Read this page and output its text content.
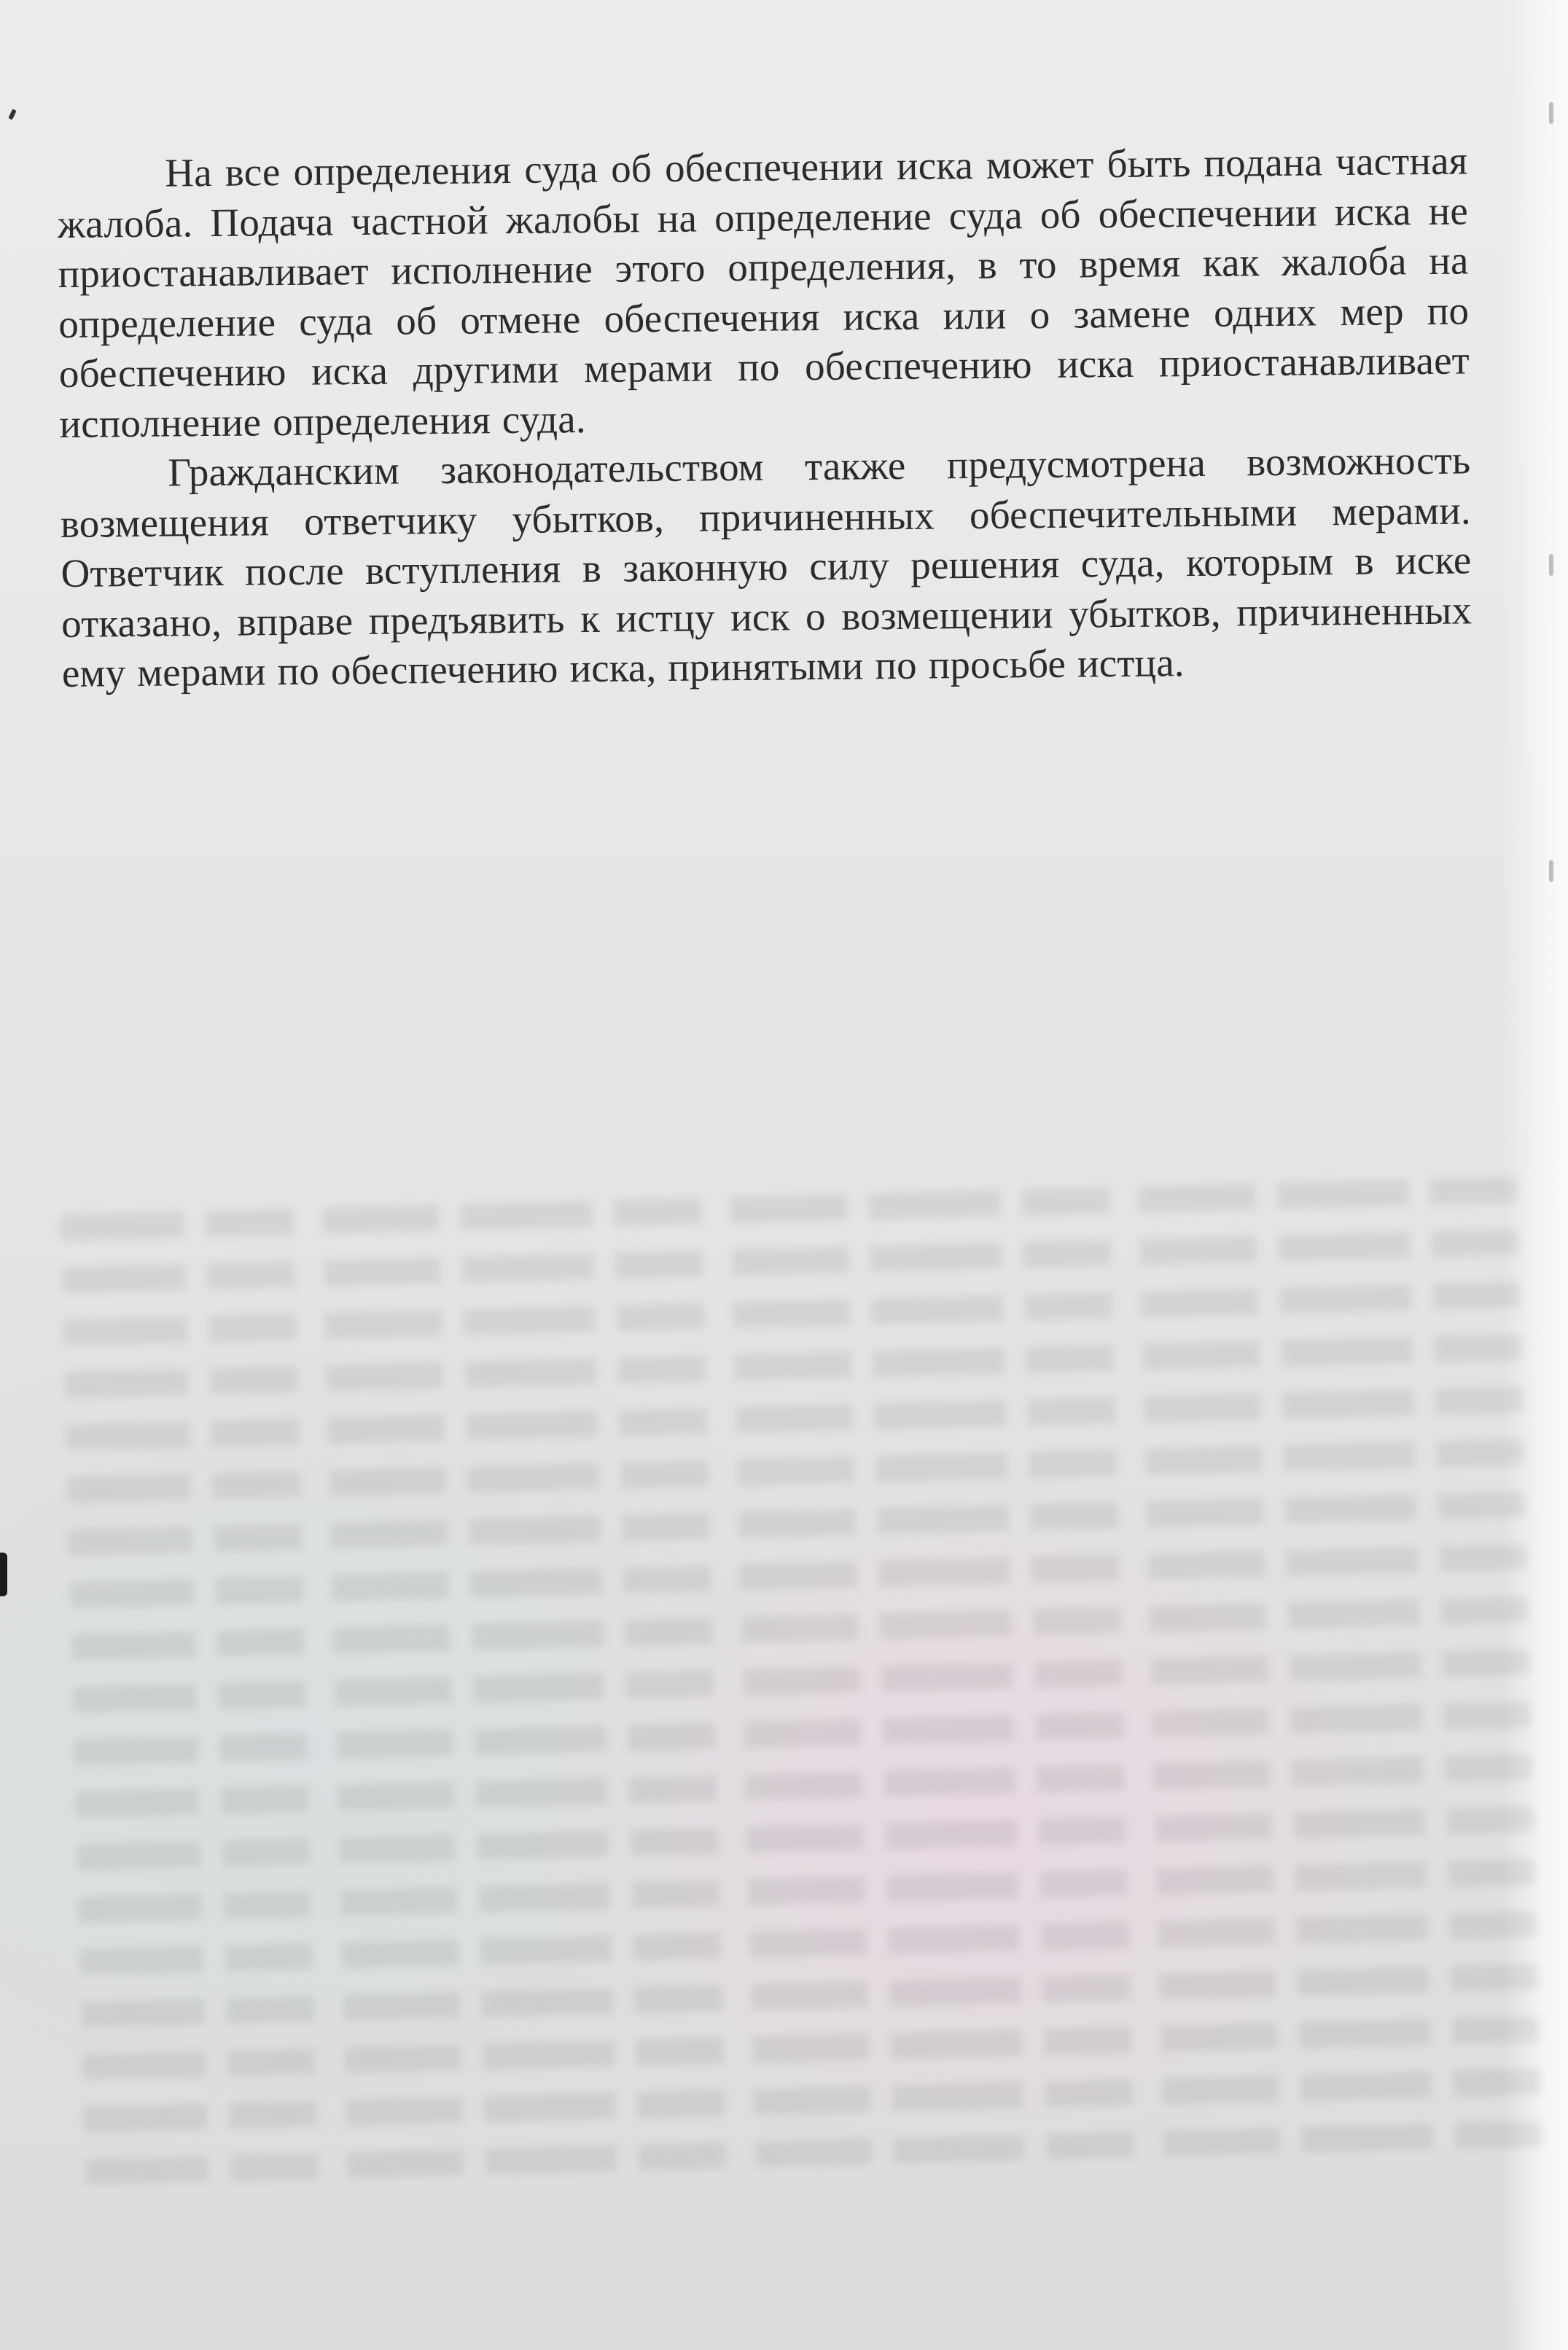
На все определения суда об обеспечении иска может быть подана частная жалоба. Подача частной жалобы на определение суда об обеспечении иска не приостанавливает исполнение этого определения, в то время как жалоба на определение суда об отмене обеспечения иска или о замене одних мер по обеспечению иска другими мерами по обеспечению иска приостанавливает исполнение определения суда.

Гражданским законодательством также предусмотрена возможность возмещения ответчику убытков, причиненных обеспечительными мерами. Ответчик после вступления в законную силу решения суда, которым в иске отказано, вправе предъявить к истцу иск о возмещении убытков, причиненных ему мерами по обеспечению иска, принятыми по просьбе истца.
